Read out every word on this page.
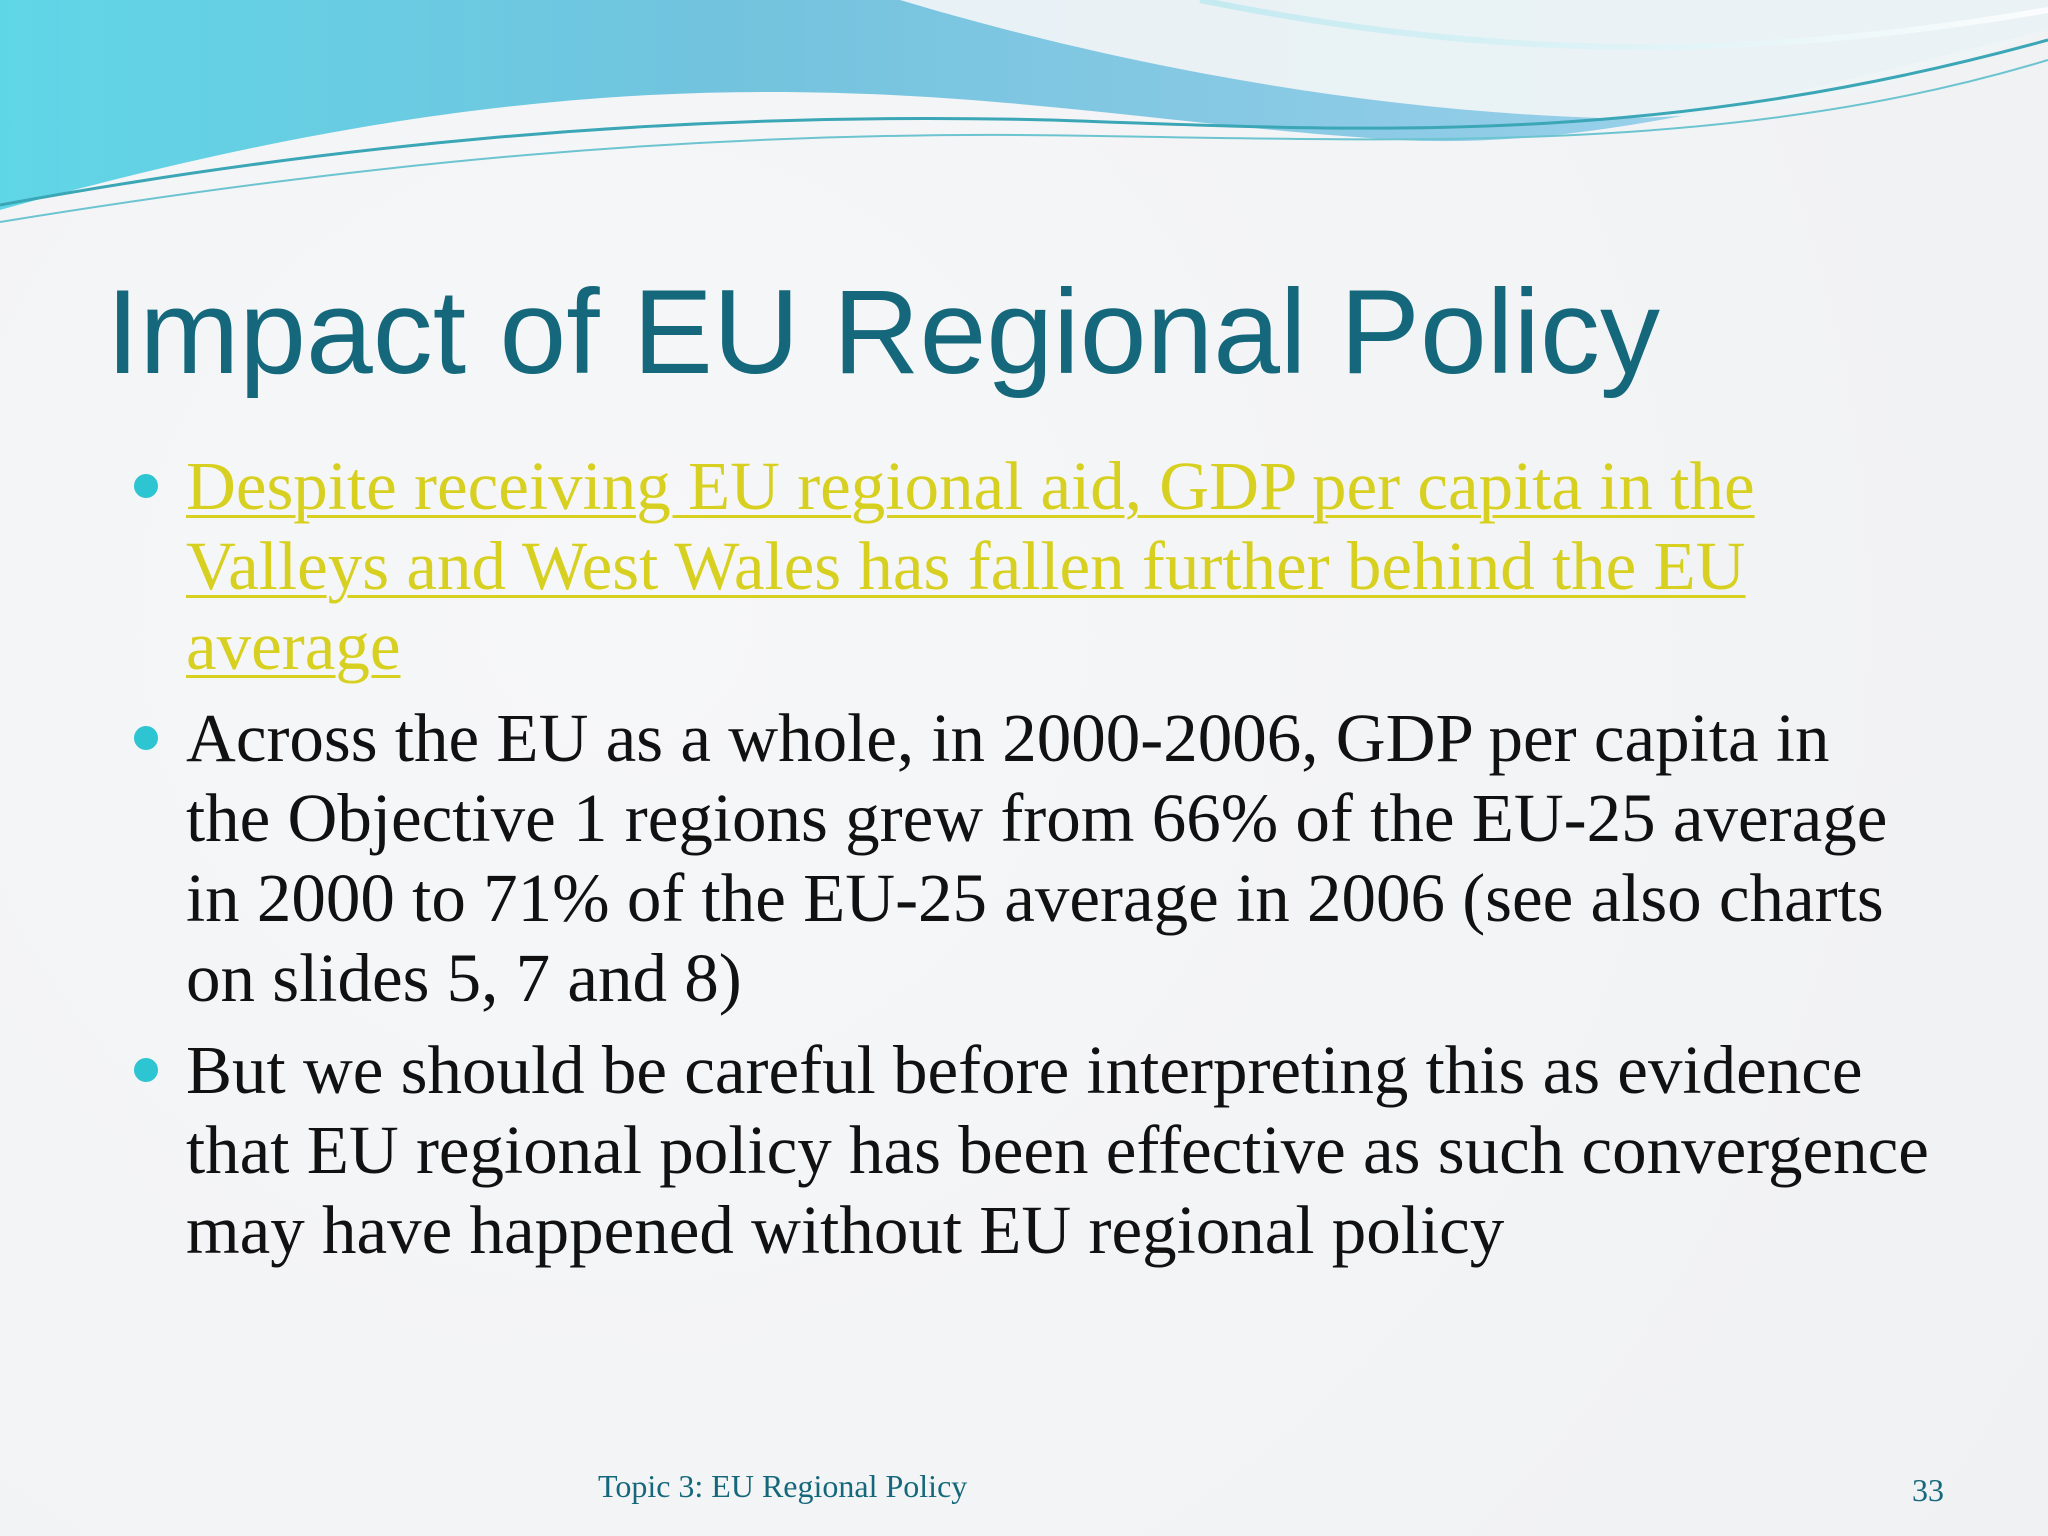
Impact of EU Regional Policy
Despite receiving EU regional aid, GDP per capita in the Valleys and West Wales has fallen further behind the EU average
Across the EU as a whole, in 2000-2006, GDP per capita in the Objective 1 regions grew from 66% of the EU-25 average in 2000 to 71% of the EU-25 average in 2006 (see also charts on slides 5, 7 and 8)
But we should be careful before interpreting this as evidence that EU regional policy has been effective as such convergence may have happened without EU regional policy
Topic 3: EU Regional Policy	33
